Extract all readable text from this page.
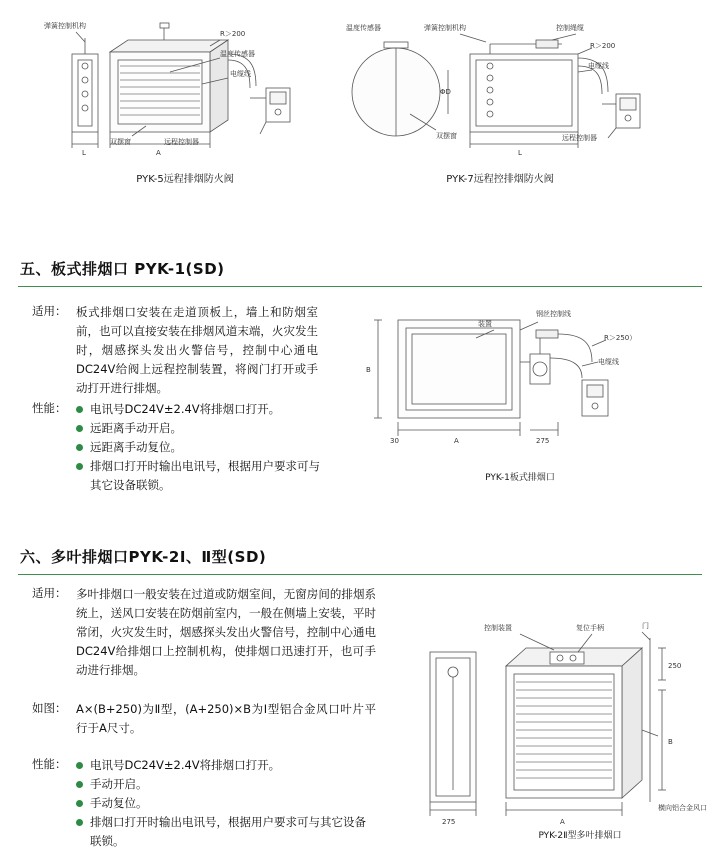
弹簧控制机构
R＞200
温度传感器
电缆线
双摆窗	远程控制器
L	A
PYK-5远程排烟防火阀
弹簧控制机构	控制绳缆
温度传感器
R＞200
电缆线
双摆窗	远程控制器
L
ΦD
PYK-7远程控排烟防火阀
五、板式排烟口 PYK-1(SD)
适用： 板式排烟口安装在走道顶板上，墙上和防烟室前，也可以直接安装在排烟风道末端，火灾发生时，烟感探头发出火警信号，控制中心通电DC24V给阀上远程控制装置，将阀门打开或手动打开进行排烟。
性能：	电讯号DC24V±2.4V将排烟口打开。
远距离手动开启。
远距离手动复位。
排烟口打开时输出电讯号，根据用户要求可与其它设备联锁。
钢丝控制线
装置
R＞250）
电缆线
30	A	275
B
PYK-1板式排烟口
六、多叶排烟口PYK-2Ⅰ、Ⅱ型(SD)
适用： 多叶排烟口一般安装在过道或防烟室间，无窗房间的排烟系统上，送风口安装在防烟前室内，一般在侧墙上安装，平时常闭，火灾发生时，烟感探头发出火警信号，控制中心通电DC24V给排烟口上控制机构，使排烟口迅速打开，也可手动进行排烟。
如图： A×(B+250)为Ⅱ型，(A+250)×B为Ⅰ型铝合金风口叶片平行于A尺寸。
性能：	电讯号DC24V±2.4V将排烟口打开。
手动开启。
手动复位。
排烟口打开时输出电讯号，根据用户要求可与其它设备联锁。
控制装置	复位手柄	门
250
B
275	A
横向铝合金风口
PYK-2Ⅱ型多叶排烟口
